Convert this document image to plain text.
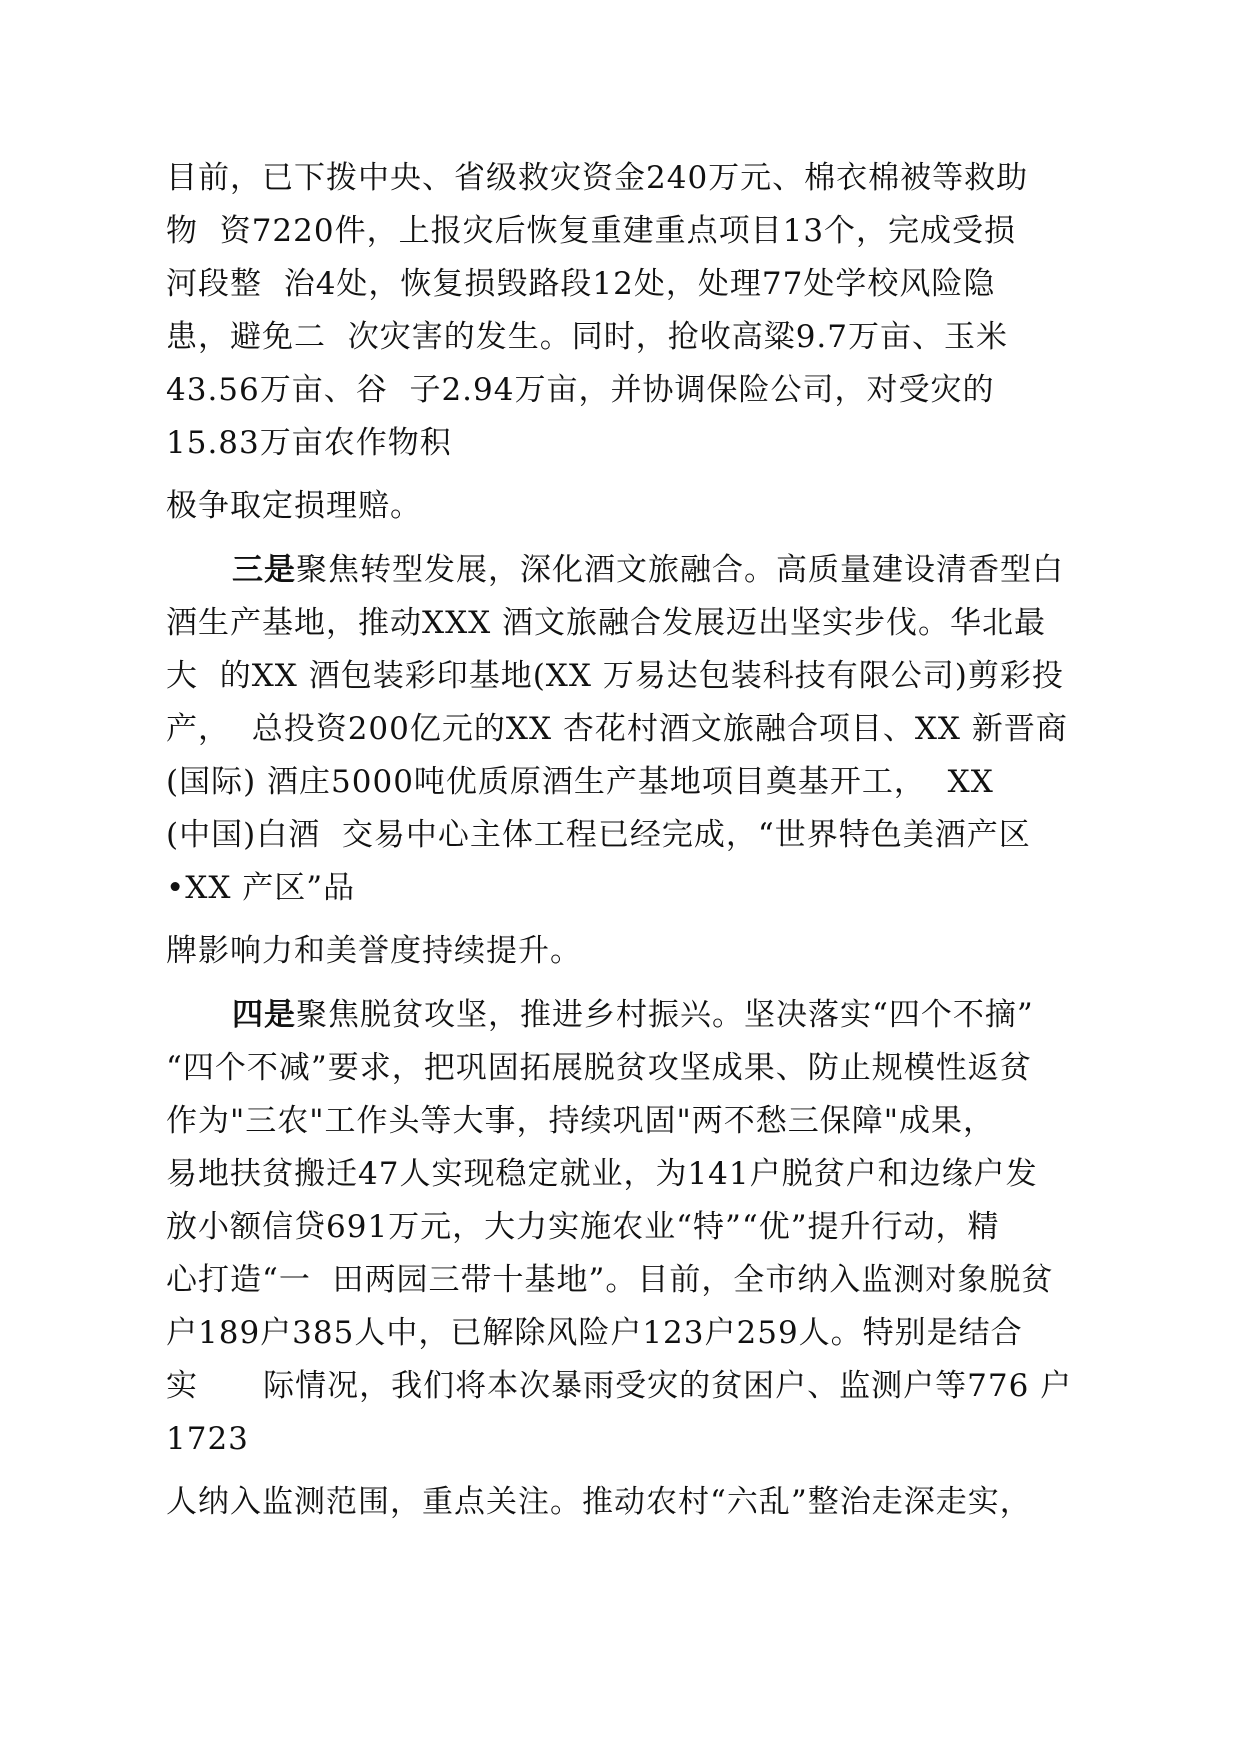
目前，已下拨中央、省级救灾资金240万元、棉衣棉被等救助
物  资7220件，上报灾后恢复重建重点项目13个，完成受损
河段整  治4处，恢复损毁路段12处，处理77处学校风险隐
患，避免二  次灾害的发生。同时，抢收高粱9.7万亩、玉米
43.56万亩、谷  子2.94万亩，并协调保险公司，对受灾的
15.83万亩农作物积
极争取定损理赔。
三是聚焦转型发展，深化酒文旅融合。高质量建设清香型白
酒生产基地，推动XXX 酒文旅融合发展迈出坚实步伐。华北最
大  的XX 酒包装彩印基地(XX 万易达包装科技有限公司)剪彩投
产，  总投资200亿元的XX 杏花村酒文旅融合项目、XX 新晋商
(国际) 酒庄5000吨优质原酒生产基地项目奠基开工，  XX
(中国)白酒  交易中心主体工程已经完成，“世界特色美酒产区
•XX 产区”品
牌影响力和美誉度持续提升。
四是聚焦脱贫攻坚，推进乡村振兴。坚决落实“四个不摘”
“四个不减”要求，把巩固拓展脱贫攻坚成果、防止规模性返贫
作为"三农"工作头等大事，持续巩固"两不愁三保障"成果，
易地扶贫搬迁47人实现稳定就业，为141户脱贫户和边缘户发
放小额信贷691万元，大力实施农业“特”“优”提升行动，精
心打造“一  田两园三带十基地”。目前，全市纳入监测对象脱贫
户189户385人中，已解除风险户123户259人。特别是结合
实      际情况，我们将本次暴雨受灾的贫困户、监测户等776 户
1723
人纳入监测范围，重点关注。推动农村“六乱”整治走深走实，
